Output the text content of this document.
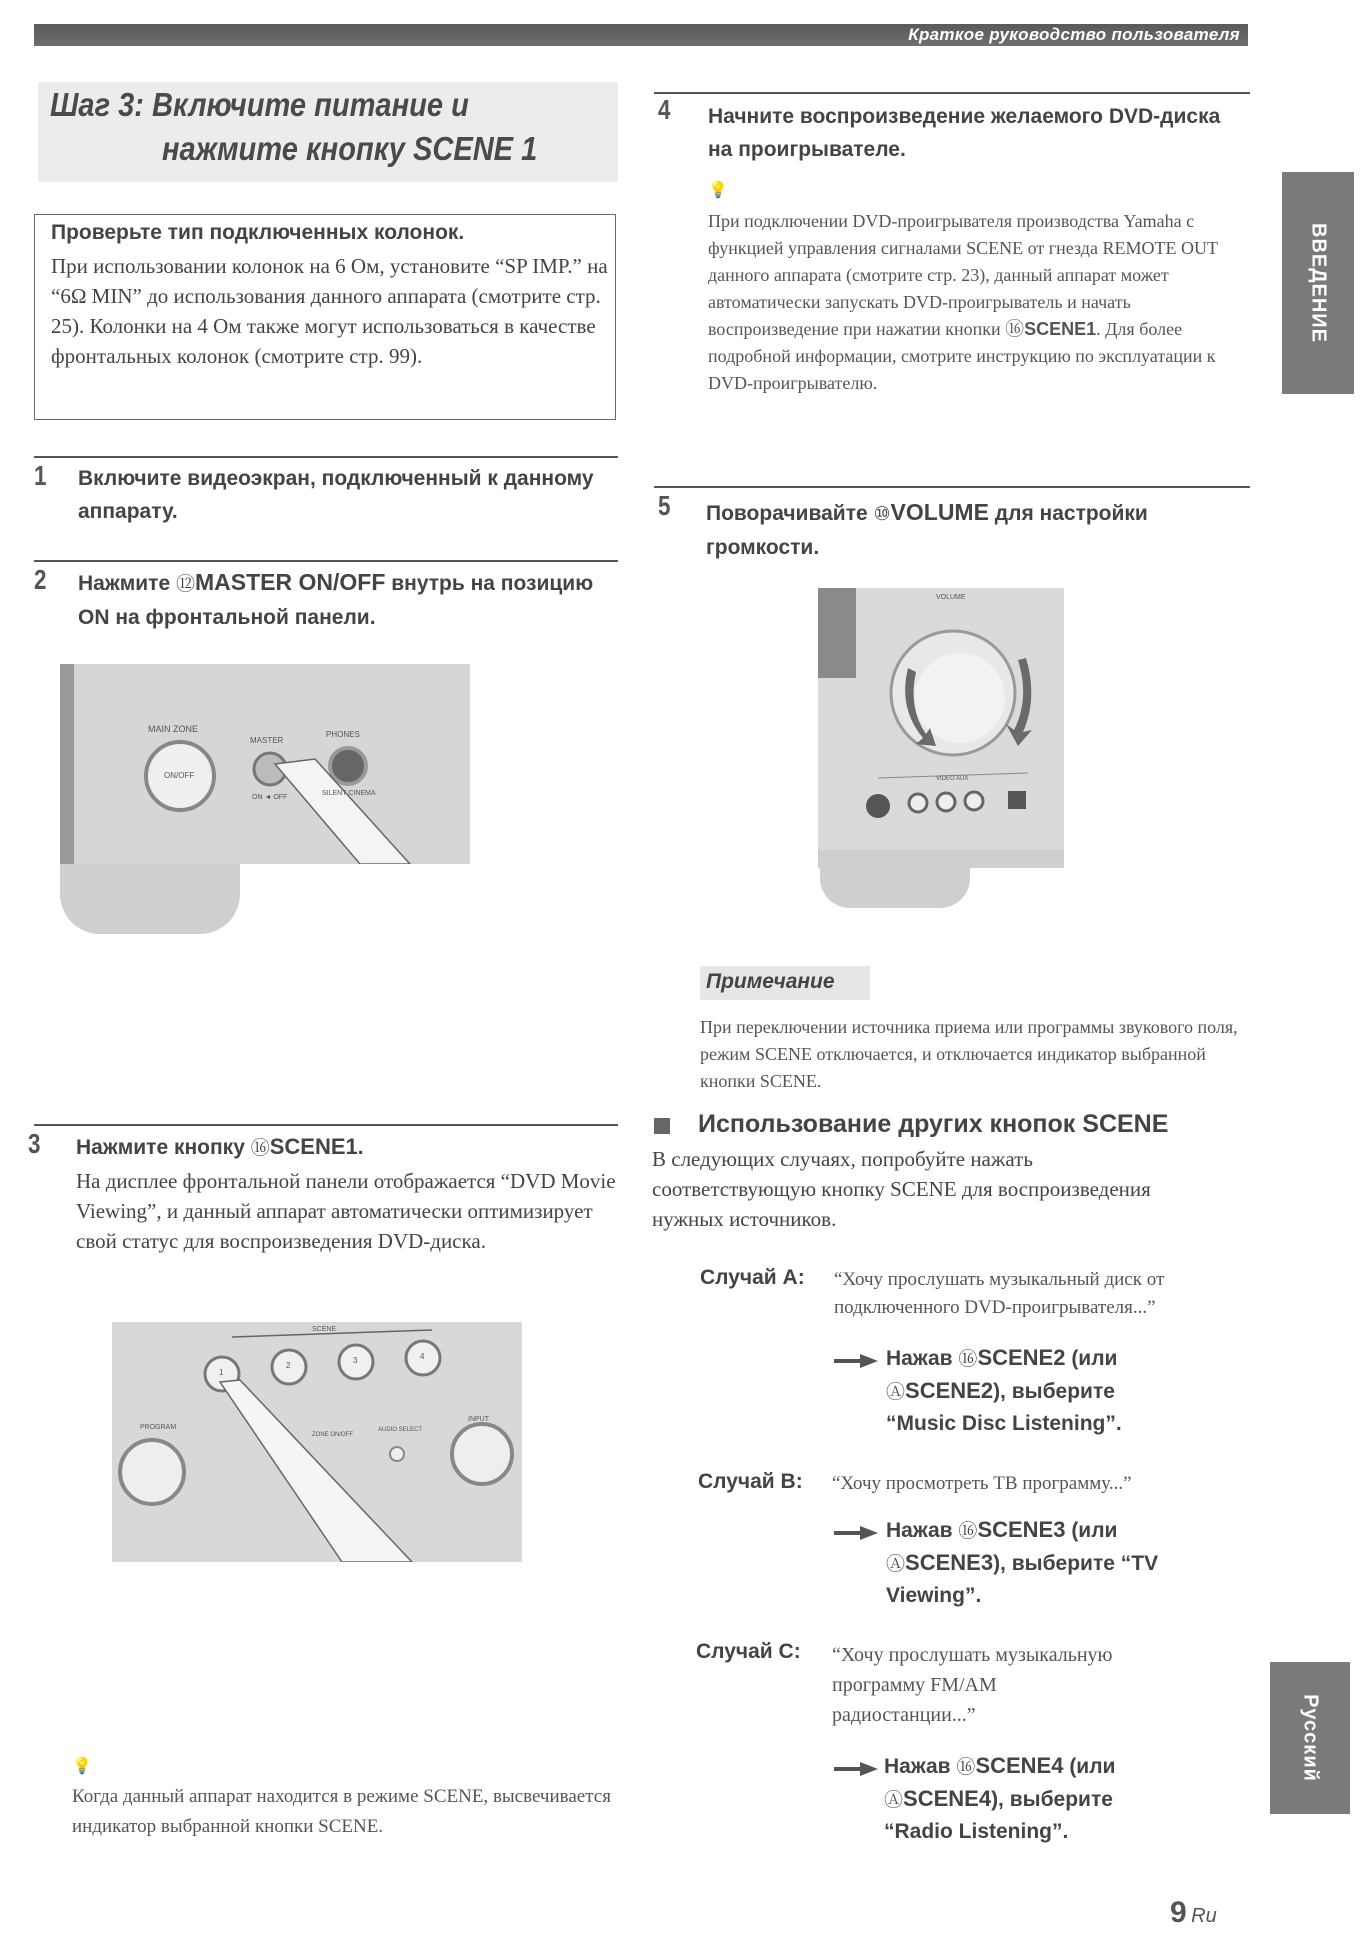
Краткое руководство пользователя
Шаг 3: Включите питание и
нажмите кнопку SCENE 1
Проверьте тип подключенных колонок.
При использовании колонок на 6 Ом, установите “SP IMP.” на “6Ω MIN” до использования данного аппарата (смотрите стр. 25). Колонки на 4 Ом также могут использоваться в качестве фронтальных колонок (смотрите стр. 99).
1 Включите видеоэкран, подключенный к данному аппарату.
2 Нажмите ⑫MASTER ON/OFF внутрь на позицию ON на фронтальной панели.
MAIN ZONE
ON/OFF
MASTER
PHONES
SILENT CINEMA
ON ◄ OFF
3 Нажмите кнопку ⑯SCENE1.
На дисплее фронтальной панели отображается “DVD Movie Viewing”, и данный аппарат автоматически оптимизирует свой статус для воспроизведения DVD-диска.
SCENE
1
2
3	4
PROGRAM
ZONE ON/OFF
AUDIO SELECT
INPUT
💡
Когда данный аппарат находится в режиме SCENE, высвечивается индикатор выбранной кнопки SCENE.
4 Начните воспроизведение желаемого DVD-диска на проигрывателе.
💡
При подключении DVD-проигрывателя производства Yamaha с функцией управления сигналами SCENE от гнезда REMOTE OUT данного аппарата (смотрите стр. 23), данный аппарат может автоматически запускать DVD-проигрыватель и начать воспроизведение при нажатии кнопки ⑯SCENE1. Для более подробной информации, смотрите инструкцию по эксплуатации к DVD-проигрывателю.
5 Поворачивайте ⑩VOLUME для настройки громкости.
VOLUME
VIDEO AUX
Примечание
При переключении источника приема или программы звукового поля, режим SCENE отключается, и отключается индикатор выбранной кнопки SCENE.
Использование других кнопок SCENE
В следующих случаях, попробуйте нажать соответствующую кнопку SCENE для воспроизведения нужных источников.
Случай A: “Хочу прослушать музыкальный диск от
подключенного DVD-проигрывателя...”
Нажав ⑯SCENE2 (или
ⒶSCENE2), выберите
“Music Disc Listening”.
Случай B: “Хочу просмотреть ТВ программу...”
Нажав ⑯SCENE3 (или
ⒶSCENE3), выберите “TV
Viewing”.
Случай C: “Хочу прослушать музыкальную
программу FM/AM
радиостанции...”
Нажав ⑯SCENE4 (или
ⒶSCENE4), выберите
“Radio Listening”.
ВВЕДЕНИЕ
Русский
9 Ru
